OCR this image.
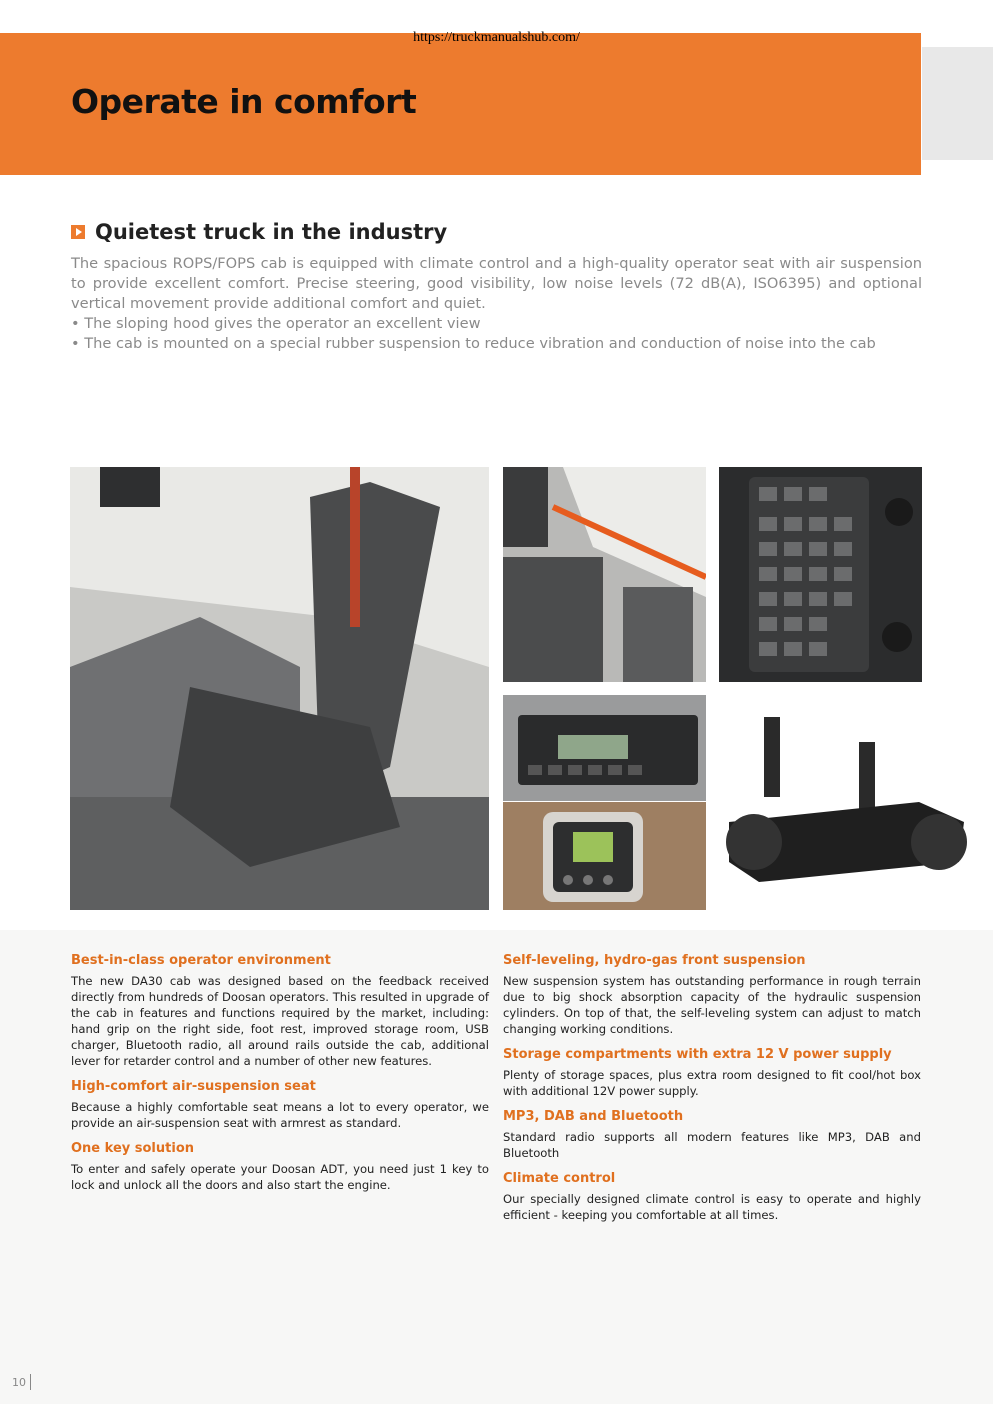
https://truckmanualshub.com/
Operate in comfort
Quietest truck in the industry

The spacious ROPS/FOPS cab is equipped with climate control and a high-quality operator seat with air suspension to provide excellent comfort. Precise steering, good visibility, low noise levels (72 dB(A), ISO6395) and optional vertical movement provide additional comfort and quiet.

• The sloping hood gives the operator an excellent view
• The cab is mounted on a special rubber suspension to reduce vibration and conduction of noise into the cab
Best-in-class operator environment

The new DA30 cab was designed based on the feedback received directly from hundreds of Doosan operators. This resulted in upgrade of the cab in features and functions required by the market, including: hand grip on the right side, foot rest, improved storage room, USB charger, Bluetooth radio, all around rails outside the cab, additional lever for retarder control and a number of other new features.

High-comfort air-suspension seat

Because a highly comfortable seat means a lot to every operator, we provide an air-suspension seat with armrest as standard.

One key solution

To enter and safely operate your Doosan ADT, you need just 1 key to lock and unlock all the doors and also start the engine.

Self-leveling, hydro-gas front suspension

New suspension system has outstanding performance in rough terrain due to big shock absorption capacity of the hydraulic suspension cylinders. On top of that, the self-leveling system can adjust to match changing working conditions.

Storage compartments with extra 12 V power supply

Plenty of storage spaces, plus extra room designed to fit cool/hot box with additional 12V power supply.

MP3, DAB and Bluetooth

Standard radio supports all modern features like MP3, DAB and Bluetooth

Climate control

Our specially designed climate control is easy to operate and highly efficient - keeping you comfortable at all times.

10
